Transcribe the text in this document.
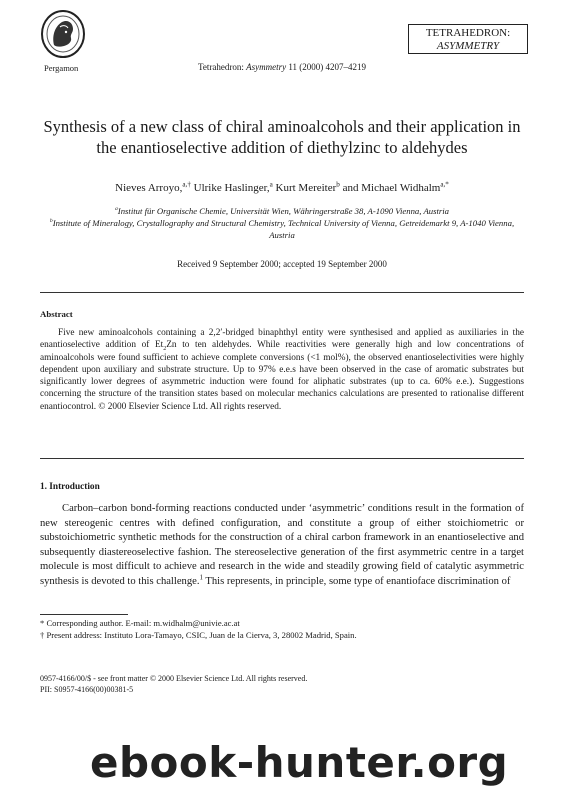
Pergamon	Tetrahedron: Asymmetry 11 (2000) 4207–4219
TETRAHEDRON:
ASYMMETRY
Synthesis of a new class of chiral aminoalcohols and their application in the enantioselective addition of diethylzinc to aldehydes
Nieves Arroyo,$^{a,\dagger}$ Ulrike Haslinger,$^a$ Kurt Mereiter$^b$ and Michael Widhalm$^{a,*}$
$^a$Institut für Organische Chemie, Universität Wien, Währingerstraße 38, A-1090 Vienna, Austria
$^b$Institute of Mineralogy, Crystallography and Structural Chemistry, Technical University of Vienna, Getreidemarkt 9, A-1040 Vienna, Austria
Received 9 September 2000; accepted 19 September 2000
Abstract
Five new aminoalcohols containing a 2,2′-bridged binaphthyl entity were synthesised and applied as auxiliaries in the enantioselective addition of $Et_2Zn$ to ten aldehydes. While reactivities were generally high and low concentrations of aminoalcohols were found sufficient to achieve complete conversions (<1 mol%), the observed enantioselectivities were highly dependent upon auxiliary and substrate structure. Up to 97% e.e.s have been observed in the case of aromatic substrates but significantly lower degrees of asymmetric induction were found for aliphatic substrates (up to ca. 60% e.e.). Suggestions concerning the structure of the transition states based on molecular mechanics calculations are presented to rationalise different enantiocontrol. © 2000 Elsevier Science Ltd. All rights reserved.
1. Introduction
Carbon–carbon bond-forming reactions conducted under ‘asymmetric’ conditions result in the formation of new stereogenic centres with defined configuration, and constitute a group of either stoichiometric or substoichiometric synthetic methods for the construction of a chiral carbon framework in an enantioselective and subsequently diastereoselective fashion. The stereoselective generation of the first asymmetric centre in a target molecule is most difficult to achieve and research in the wide and steadily growing field of catalytic asymmetric synthesis is devoted to this challenge.$^1$ This represents, in principle, some type of enantioface discrimination of
* Corresponding author. E-mail: m.widhalm@univie.ac.at
† Present address: Instituto Lora-Tamayo, CSIC, Juan de la Cierva, 3, 28002 Madrid, Spain.
0957-4166/00/$ - see front matter © 2000 Elsevier Science Ltd. All rights reserved.
PII: S0957-4166(00)00381-5
ebook-hunter.org
